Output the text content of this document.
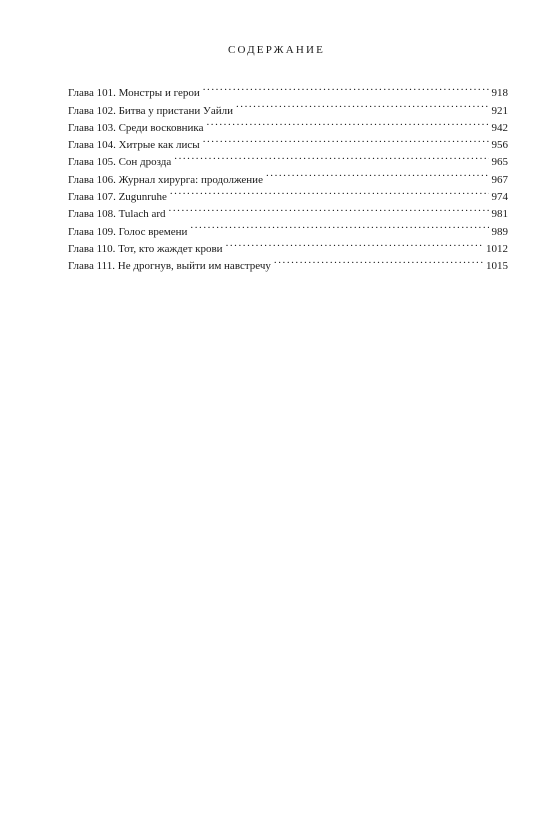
СОДЕРЖАНИЕ
Глава 101. Монстры и герои . . .	918
Глава 102. Битва у пристани Уайли . . .	921
Глава 103. Среди восковника . . .	942
Глава 104. Хитрые как лисы . . .	956
Глава 105. Сон дрозда . . .	965
Глава 106. Журнал хирурга: продолжение . . .	967
Глава 107. Zugunruhe . . .	974
Глава 108. Tulach ard . . .	981
Глава 109. Голос времени . . .	989
Глава 110. Тот, кто жаждет крови . . .	1012
Глава 111. Не дрогнув, выйти им навстречу . . .	1015
